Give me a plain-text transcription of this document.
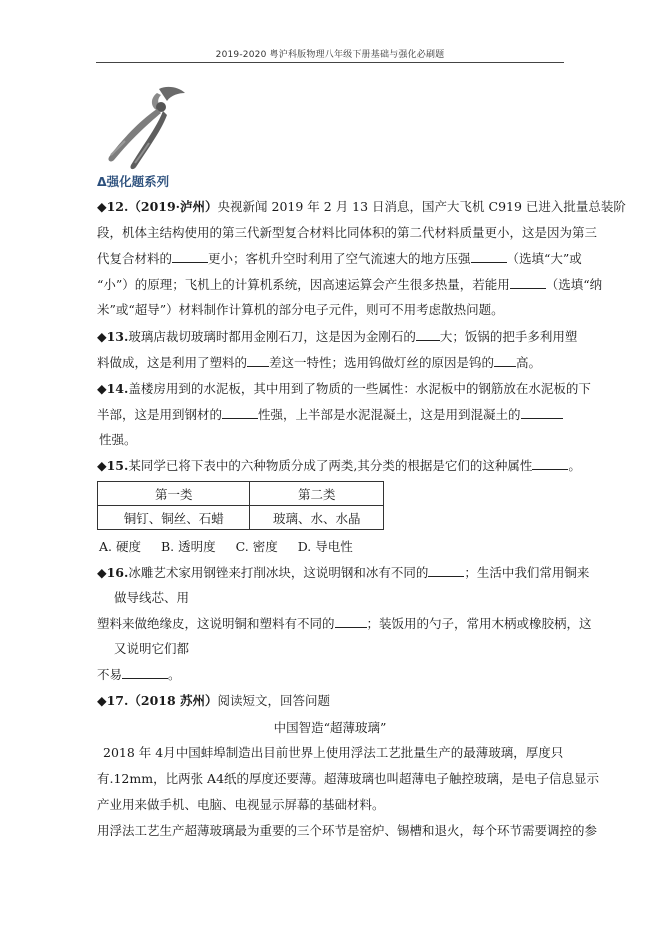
2019-2020 粤沪科版物理八年级下册基础与强化必刷题
Δ强化题系列
◆12.（2019·泸州）央视新闻 2019 年 2 月 13 日消息，国产大飞机 C919 已进入批量总装阶
段，机体主结构使用的第三代新型复合材料比同体积的第二代材料质量更小，这是因为第三
代复合材料的	更小；客机升空时利用了空气流速大的地方压强	（选填“大”或
“小”）的原理；飞机上的计算机系统，因高速运算会产生很多热量，若能用	（选填“纳
米”或“超导”）材料制作计算机的部分电子元件，则可不用考虑散热问题。
◆13.玻璃店裁切玻璃时都用金刚石刀，这是因为金刚石的 大；饭锅的把手多利用塑
料做成，这是利用了塑料的 差这一特性；选用钨做灯丝的原因是钨的 高。
◆14.盖楼房用到的水泥板，其中用到了物质的一些属性：水泥板中的钢筋放在水泥板的下
半部，这是用到钢材的	性强，上半部是水泥混凝土，这是用到混凝土的
性强。
◆15.某同学已将下表中的六种物质分成了两类,其分类的根据是它们的这种属性	。
第一类	第二类
铜钉、铜丝、石蜡	玻璃、水、水晶
A. 硬度 B. 透明度 C. 密度 D. 导电性
◆16.冰雕艺术家用钢锉来打削冰块，这说明钢和冰有不同的	；生活中我们常用铜来
做导线芯、用
塑料来做绝缘皮，这说明铜和塑料有不同的	；装饭用的勺子，常用木柄或橡胶柄，这
又说明它们都
不易	。
◆17.（2018 苏州）阅读短文，回答问题
中国智造“超薄玻璃”
2018 年 4月中国蚌埠制造出目前世界上使用浮法工艺批量生产的最薄玻璃，厚度只
有.12mm，比两张 A4纸的厚度还要薄。超薄玻璃也叫超薄电子触控玻璃，是电子信息显示
产业用来做手机、电脑、电视显示屏幕的基础材料。
用浮法工艺生产超薄玻璃最为重要的三个环节是窑炉、锡槽和退火，每个环节需要调控的参
